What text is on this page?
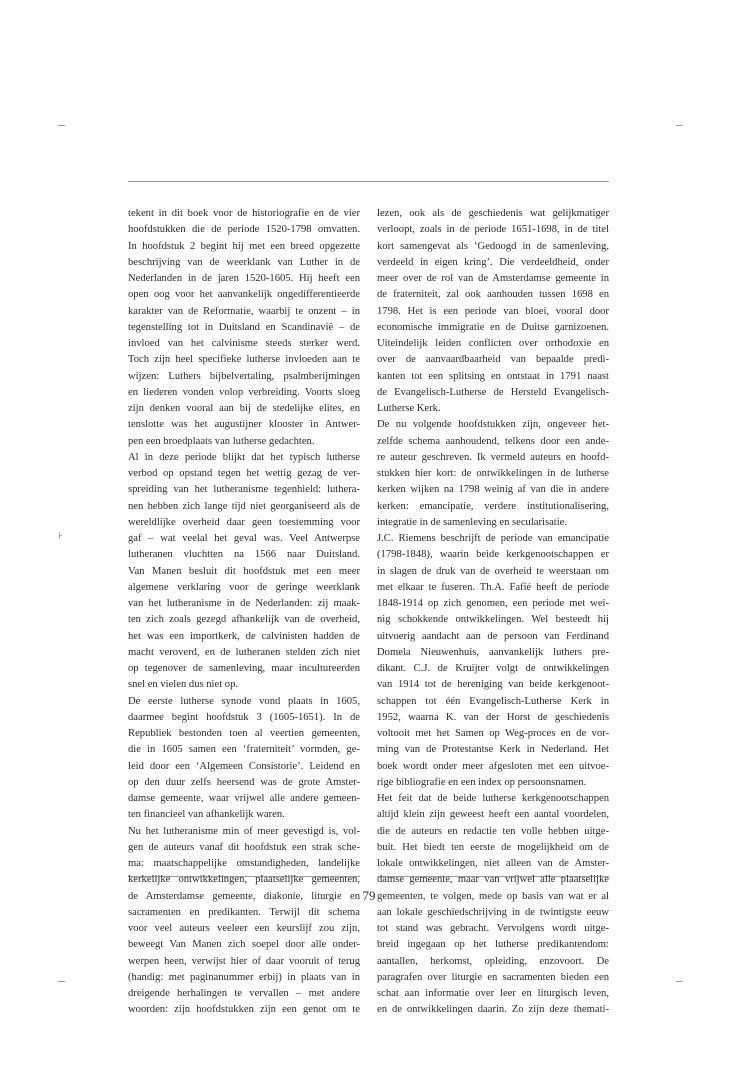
⊦
tekent in dit boek voor de historiografie en de vier
hoofdstukken die de periode 1520-1798 omvatten.
In hoofdstuk 2 begint hij met een breed opgezette
beschrijving van de weerklank van Luther in de
Nederlanden in de jaren 1520-1605. Hij heeft een
open oog voor het aanvankelijk ongedifferentieerde
karakter van de Reformatie, waarbij te onzent – in
tegenstelling tot in Duitsland en Scandinavië – de
invloed van het calvinisme steeds sterker werd.
Toch zijn heel specifieke lutherse invloeden aan te
wijzen: Luthers bijbelvertaling, psalmberijmingen
en liederen vonden volop verbreiding. Voorts sloeg
zijn denken vooral aan bij de stedelijke elites, en
tenslotte was het augustijner klooster in Antwer-
pen een broedplaats van lutherse gedachten.
Al in deze periode blijkt dat het typisch lutherse
verbod op opstand tegen het wettig gezag de ver-
spreiding van het lutheranisme tegenhield: luthera-
nen hebben zich lange tijd niet georganiseerd als de
wereldlijke overheid daar geen toestemming voor
gaf – wat veelal het geval was. Veel Antwerpse
lutheranen vluchtten na 1566 naar Duitsland.
Van Manen besluit dit hoofdstuk met een meer
algemene verklaring voor de geringe weerklank
van het lutheranisme in de Nederlanden: zij maak-
ten zich zoals gezegd afhankelijk van de overheid,
het was een importkerk, de calvinisten hadden de
macht veroverd, en de lutheranen stelden zich niet
op tegenover de samenleving, maar incultureerden
snel en vielen dus niet op.
De eerste lutherse synode vond plaats in 1605,
daarmee begint hoofdstuk 3 (1605-1651). In de
Republiek bestonden toen al veertien gemeenten,
die in 1605 samen een ‘fraterniteit’ vormden, ge-
leid door een ‘Algemeen Consistorie’. Leidend en
op den duur zelfs heersend was de grote Amster-
damse gemeente, waar vrijwel alle andere gemeen-
ten financieel van afhankelijk waren.
Nu het lutheranisme min of meer gevestigd is, vol-
gen de auteurs vanaf dit hoofdstuk een strak sche-
ma: maatschappelijke omstandigheden, landelijke
kerkelijke ontwikkelingen, plaatselijke gemeenten,
de Amsterdamse gemeente, diakonie, liturgie en
sacramenten en predikanten. Terwijl dit schema
voor veel auteurs veeleer een keurslijf zou zijn,
beweegt Van Manen zich soepel door alle onder-
werpen heen, verwijst hier of daar vooruit of terug
(handig: met paginanummer erbij) in plaats van in
dreigende herhalingen te vervallen – met andere
woorden: zijn hoofdstukken zijn een genot om te
lezen, ook als de geschiedenis wat gelijkmatiger
verloopt, zoals in de periode 1651-1698, in de titel
kort samengevat als ‘Gedoogd in de samenleving,
verdeeld in eigen kring’. Die verdeeldheid, onder
meer over de rol van de Amsterdamse gemeente in
de fraterniteit, zal ook aanhouden tussen 1698 en
1798. Het is een periode van bloei, vooral door
economische immigratie en de Duitse garnizoenen.
Uiteindelijk leiden conflicten over orthodoxie en
over de aanvaardbaarheid van bepaalde predi-
kanten tot een splitsing en ontstaat in 1791 naast
de Evangelisch-Lutherse de Hersteld Evangelisch-
Lutherse Kerk.
De nu volgende hoofdstukken zijn, ongeveer het-
zelfde schema aanhoudend, telkens door een ande-
re auteur geschreven. Ik vermeld auteurs en hoofd-
stukken hier kort: de ontwikkelingen in de lutherse
kerken wijken na 1798 weinig af van die in andere
kerken: emancipatie, verdere institutionalisering,
integratie in de samenleving en secularisatie.
J.C. Riemens beschrijft de periode van emancipatie
(1798-1848), waarin beide kerkgenootschappen er
in slagen de druk van de overheid te weerstaan om
met elkaar te fuseren. Th.A. Fafié heeft de periode
1848-1914 op zich genomen, een periode met wei-
nig schokkende ontwikkelingen. Wel besteedt hij
uitvoerig aandacht aan de persoon van Ferdinand
Domela Nieuwenhuis, aanvankelijk luthers pre-
dikant. C.J. de Kruijter volgt de ontwikkelingen
van 1914 tot de hereniging van beide kerkgenoot-
schappen tot één Evangelisch-Lutherse Kerk in
1952, waarna K. van der Horst de geschiedenis
voltooit met het Samen op Weg-proces en de vor-
ming van de Protestantse Kerk in Nederland. Het
boek wordt onder meer afgesloten met een uitvoe-
rige bibliografie en een index op persoonsnamen.
Het feit dat de beide lutherse kerkgenootschappen
altijd klein zijn geweest heeft een aantal voordelen,
die de auteurs en redactie ten volle hebben uitge-
buit. Het biedt ten eerste de mogelijkheid om de
lokale ontwikkelingen, niet alleen van de Amster-
damse gemeente, maar van vrijwel alle plaatselijke
gemeenten, te volgen, mede op basis van wat er al
aan lokale geschiedschrijving in de twintigste eeuw
tot stand was gebracht. Vervolgens wordt uitge-
breid ingegaan op het lutherse predikantendom:
aantallen, herkomst, opleiding, enzovoort. De
paragrafen over liturgie en sacramenten bieden een
schat aan informatie over leer en liturgisch leven,
en de ontwikkelingen daarin. Zo zijn deze themati-
79
